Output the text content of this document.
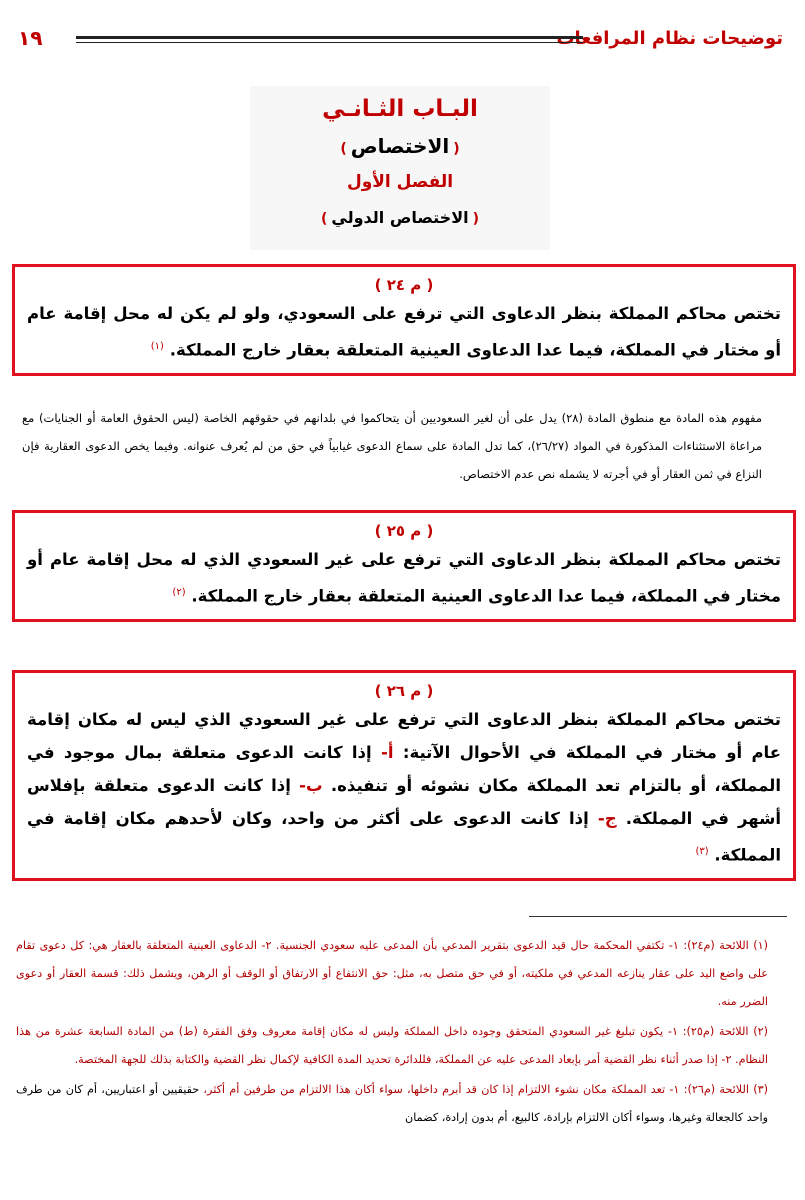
توضيحات نظام المرافعات
١٩
البـاب الثـانـي
(الاختصاص)
الفصل الأول
(الاختصاص الدولي)
( م ٢٤ )
تختص محاكم المملكة بنظر الدعاوى التي ترفع على السعودي، ولو لم يكن له محل إقامة عام أو مختار في المملكة، فيما عدا الدعاوى العينية المتعلقة بعقار خارج المملكة. $^{(١)}$
مفهوم هذه المادة مع منطوق المادة (٢٨) يدل على أن لغير السعوديين أن يتحاكموا في بلدانهم في حقوقهم الخاصة (ليس الحقوق العامة أو الجنايات) مع مراعاة الاستثناءات المذكورة في المواد (٢٦/٢٧)، كما تدل المادة على سماع الدعوى غيابياً في حق من لم يُعرف عنوانه. وفيما يخص الدعوى العقارية فإن النزاع في ثمن العقار أو في أجرته لا يشمله نص عدم الاختصاص.
( م ٢٥ )
تختص محاكم المملكة بنظر الدعاوى التي ترفع على غير السعودي الذي له محل إقامة عام أو مختار في المملكة، فيما عدا الدعاوى العينية المتعلقة بعقار خارج المملكة. $^{(٢)}$
( م ٢٦ )
تختص محاكم المملكة بنظر الدعاوى التي ترفع على غير السعودي الذي ليس له مكان إقامة عام أو مختار في المملكة في الأحوال الآتية: أ- إذا كانت الدعوى متعلقة بمال موجود في المملكة، أو بالتزام تعد المملكة مكان نشوئه أو تنفيذه. ب- إذا كانت الدعوى متعلقة بإفلاس أشهر في المملكة. ج- إذا كانت الدعوى على أكثر من واحد، وكان لأحدهم مكان إقامة في المملكة. $^{(٣)}$
(١) اللائحة (م٢٤): ١- تكتفي المحكمة حال قيد الدعوى بتقرير المدعي بأن المدعى عليه سعودي الجنسية. ٢- الدعاوى العينية المتعلقة بالعقار هي: كل دعوى تقام على واضع اليد على عقار ينازعه المدعي في ملكيته، أو في حق متصل به، مثل: حق الانتفاع أو الارتفاق أو الوقف أو الرهن، ويشمل ذلك: قسمة العقار أو دعوى الضرر منه.
(٢) اللائحة (م٢٥): ١- يكون تبليغ غير السعودي المتحقق وجوده داخل المملكة وليس له مكان إقامة معروف وفق الفقرة (ط) من المادة السابعة عشرة من هذا النظام. ٢- إذا صدر أثناء نظر القضية أمر بإبعاد المدعى عليه عن المملكة، فللدائرة تحديد المدة الكافية لإكمال نظر القضية والكتابة بذلك للجهة المختصة.
(٣) اللائحة (م٢٦): ١- تعد المملكة مكان نشوء الالتزام إذا كان قد أبرم داخلها، سواء أكان هذا الالتزام من طرفين أم أكثر، حقيقيين أو اعتباريين، أم كان من طرف واحد كالجعالة وغيرها، وسواء أكان الالتزام بإرادة، كالبيع، أم بدون إرادة، كضمان
